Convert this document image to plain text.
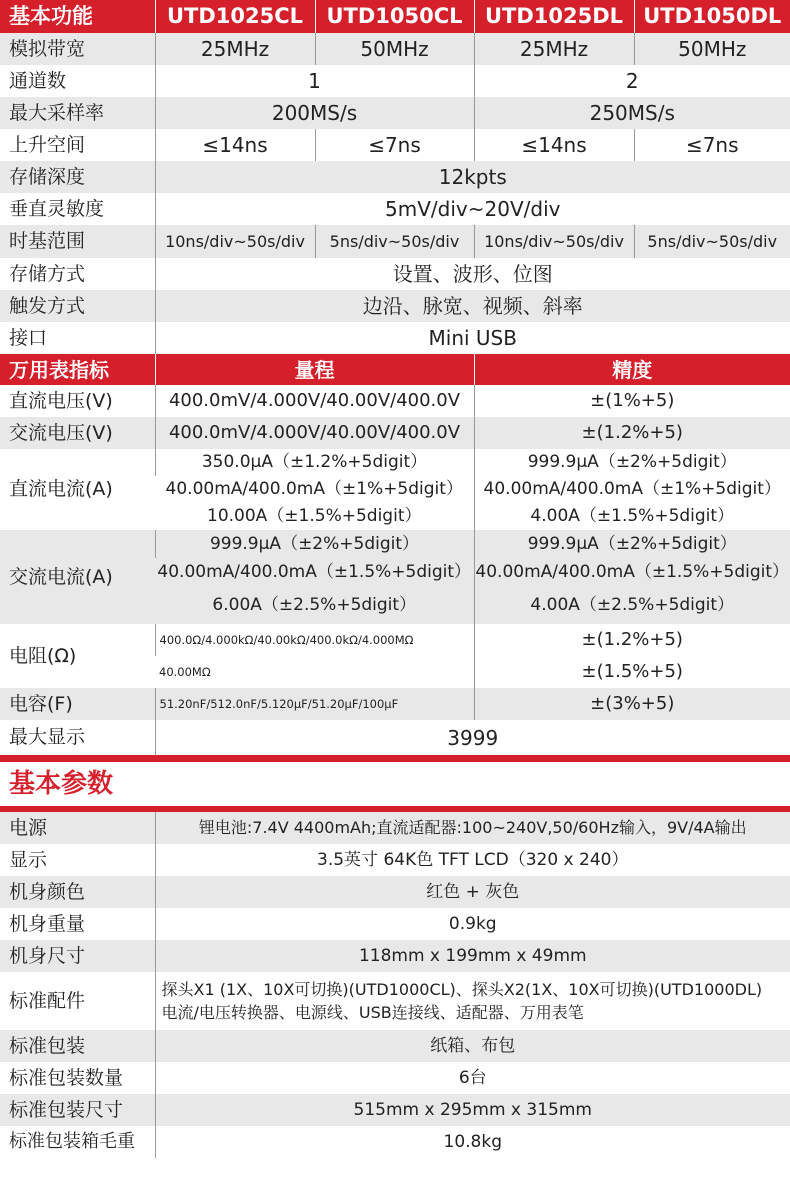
基本功能	UTD1025CL	UTD1050CL	UTD1025DL	UTD1050DL
模拟带宽	25MHz	50MHz	25MHz	50MHz
通道数	1		2	
最大采样率	200MS/s		250MS/s	
上升空间	≤14ns	≤7ns	≤14ns	≤7ns
存储深度	12kpts			
垂直灵敏度	5mV/div~20V/div			
时基范围	10ns/div~50s/div	5ns/div~50s/div	10ns/div~50s/div	5ns/div~50s/div
存储方式	设置、波形、位图			
触发方式	边沿、脉宽、视频、斜率			
接口	Mini USB			
万用表指标	量程		精度	
直流电压(V)	400.0mV/4.000V/40.00V/400.0V		±(1%+5)	
交流电压(V)	400.0mV/4.000V/40.00V/400.0V		±(1.2%+5)	
直流电流(A)	350.0μA（±1.2%+5digit）		999.9μA（±2%+5digit）	
	40.00mA/400.0mA（±1%+5digit）		40.00mA/400.0mA（±1%+5digit）	
	10.00A（±1.5%+5digit）		4.00A（±1.5%+5digit）	
交流电流(A)	999.9μA（±2%+5digit）		999.9μA（±2%+5digit）	
	40.00mA/400.0mA（±1.5%+5digit）		40.00mA/400.0mA（±1.5%+5digit）	
	6.00A（±2.5%+5digit）		4.00A（±2.5%+5digit）	
电阻(Ω)	400.0Ω/4.000kΩ/40.00kΩ/400.0kΩ/4.000MΩ		±(1.2%+5)	
	40.00MΩ		±(1.5%+5)	
电容(F)	51.20nF/512.0nF/5.120μF/51.20μF/100μF		±(3%+5)	
最大显示	3999			
基本参数
电源	锂电池:7.4V 4400mAh;直流适配器:100~240V,50/60Hz输入，9V/4A输出
显示	3.5英寸 64K色 TFT LCD（320 x 240）
机身颜色	红色 + 灰色
机身重量	0.9kg
机身尺寸	118mm x 199mm x 49mm
标准配件	探头X1 (1X、10X可切换)(UTD1000CL)、探头X2(1X、10X可切换)(UTD1000DL)
电流/电压转换器、电源线、USB连接线、适配器、万用表笔

标准包装	纸箱、布包
标准包装数量	6台
标准包装尺寸	515mm x 295mm x 315mm
标准包装箱毛重	10.8kg
